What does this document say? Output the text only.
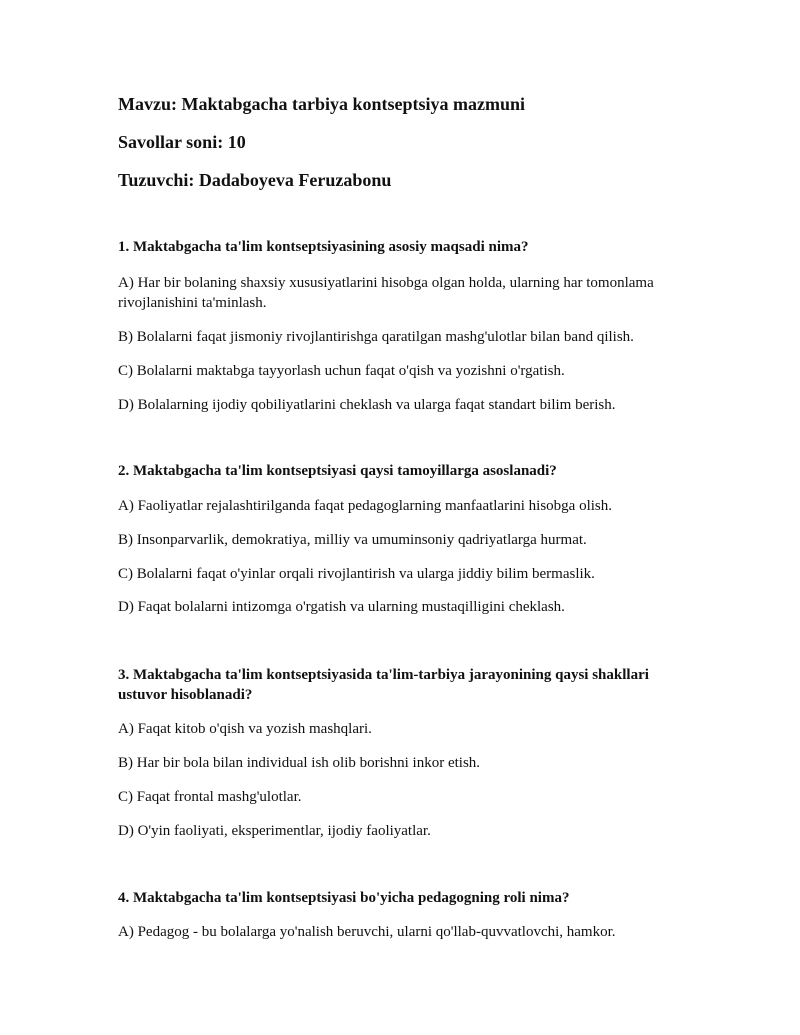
Mavzu: Maktabgacha tarbiya kontseptsiya mazmuni
Savollar soni: 10
Tuzuvchi: Dadaboyeva Feruzabonu
1. Maktabgacha ta'lim kontseptsiyasining asosiy maqsadi nima?
A) Har bir bolaning shaxsiy xususiyatlarini hisobga olgan holda, ularning har tomonlama rivojlanishini ta'minlash.
B) Bolalarni faqat jismoniy rivojlantirishga qaratilgan mashg'ulotlar bilan band qilish.
C) Bolalarni maktabga tayyorlash uchun faqat o'qish va yozishni o'rgatish.
D) Bolalarning ijodiy qobiliyatlarini cheklash va ularga faqat standart bilim berish.
2. Maktabgacha ta'lim kontseptsiyasi qaysi tamoyillarga asoslanadi?
A) Faoliyatlar rejalashtirilganda faqat pedagoglarning manfaatlarini hisobga olish.
B) Insonparvarlik, demokratiya, milliy va umuminsoniy qadriyatlarga hurmat.
C) Bolalarni faqat o'yinlar orqali rivojlantirish va ularga jiddiy bilim bermaslik.
D) Faqat bolalarni intizomga o'rgatish va ularning mustaqilligini cheklash.
3. Maktabgacha ta'lim kontseptsiyasida ta'lim-tarbiya jarayonining qaysi shakllari ustuvor hisoblanadi?
A) Faqat kitob o'qish va yozish mashqlari.
B) Har bir bola bilan individual ish olib borishni inkor etish.
C) Faqat frontal mashg'ulotlar.
D) O'yin faoliyati, eksperimentlar, ijodiy faoliyatlar.
4. Maktabgacha ta'lim kontseptsiyasi bo'yicha pedagogning roli nima?
A) Pedagog - bu bolalarga yo'nalish beruvchi, ularni qo'llab-quvvatlovchi, hamkor.
